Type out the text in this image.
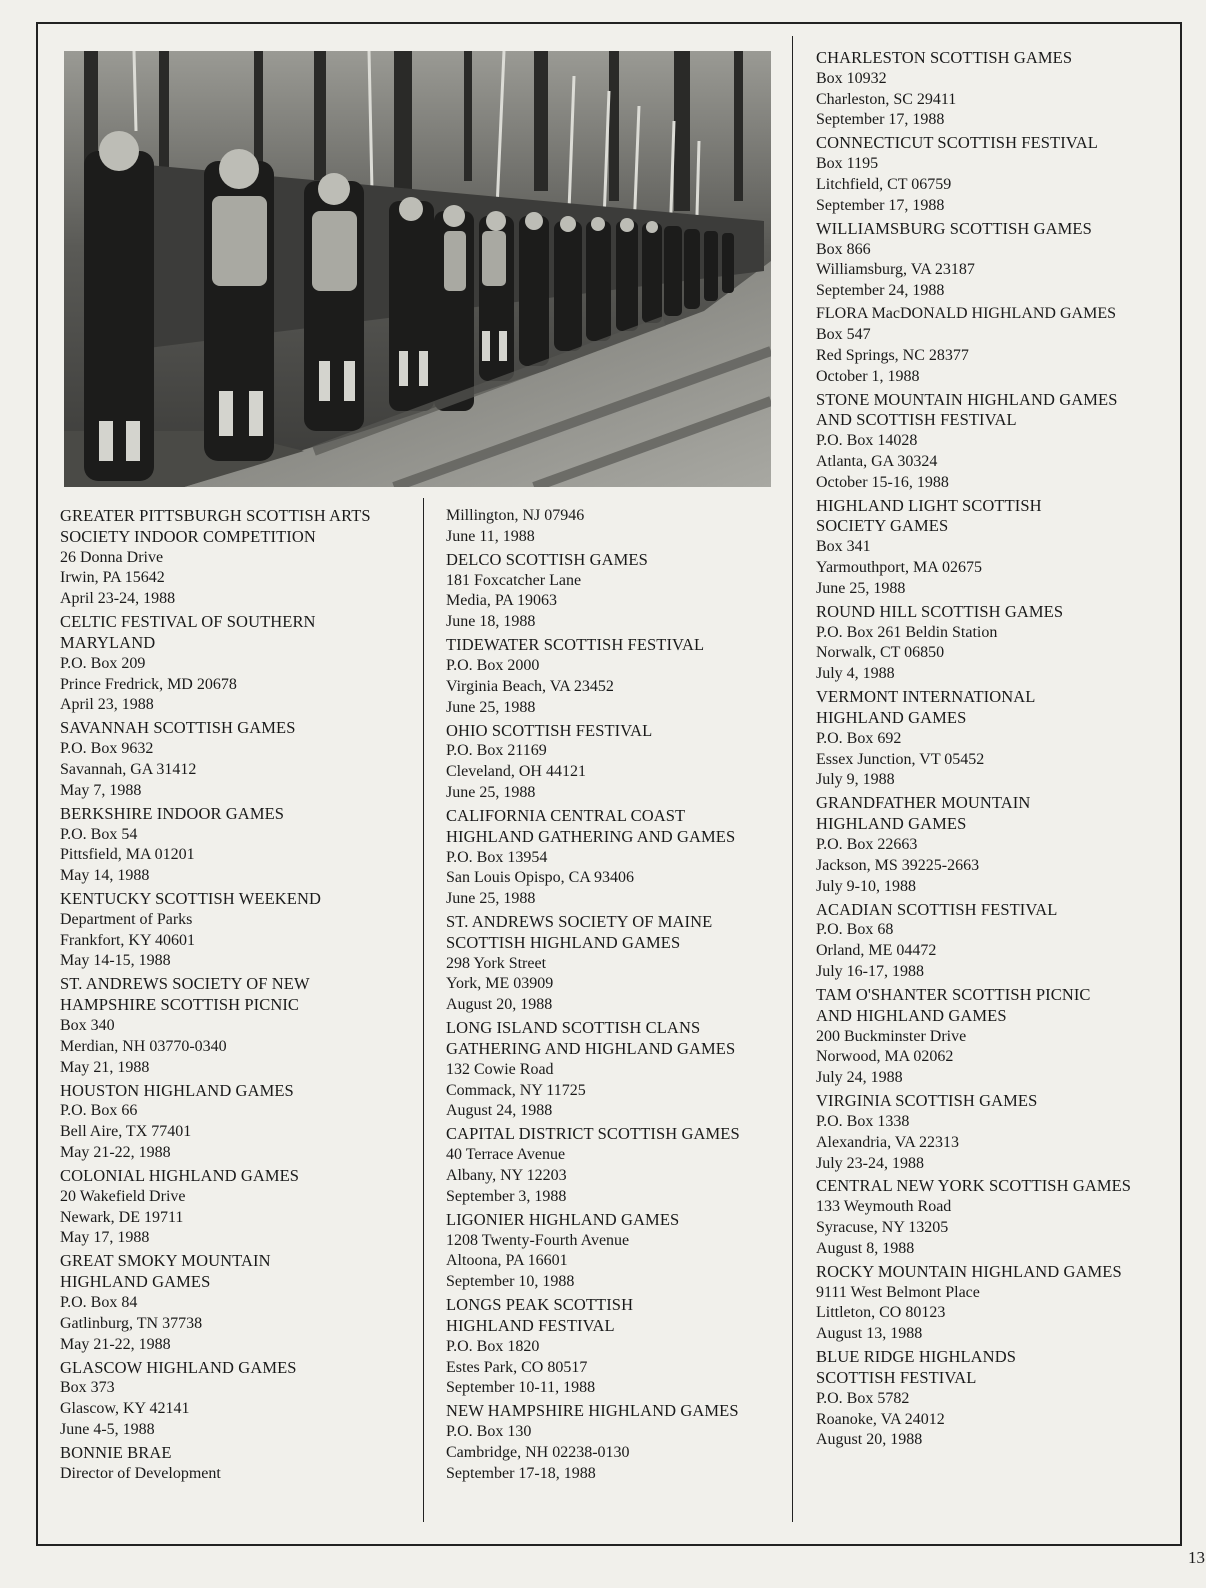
GREATER PITTSBURGH SCOTTISH ARTS
SOCIETY INDOOR COMPETITION
26 Donna Drive
Irwin, PA 15642
April 23-24, 1988
CELTIC FESTIVAL OF SOUTHERN
MARYLAND
P.O. Box 209
Prince Fredrick, MD 20678
April 23, 1988
SAVANNAH SCOTTISH GAMES
P.O. Box 9632
Savannah, GA 31412
May 7, 1988
BERKSHIRE INDOOR GAMES
P.O. Box 54
Pittsfield, MA 01201
May 14, 1988
KENTUCKY SCOTTISH WEEKEND
Department of Parks
Frankfort, KY 40601
May 14-15, 1988
ST. ANDREWS SOCIETY OF NEW
HAMPSHIRE SCOTTISH PICNIC
Box 340
Merdian, NH 03770-0340
May 21, 1988
HOUSTON HIGHLAND GAMES
P.O. Box 66
Bell Aire, TX 77401
May 21-22, 1988
COLONIAL HIGHLAND GAMES
20 Wakefield Drive
Newark, DE 19711
May 17, 1988
GREAT SMOKY MOUNTAIN
HIGHLAND GAMES
P.O. Box 84
Gatlinburg, TN 37738
May 21-22, 1988
GLASCOW HIGHLAND GAMES
Box 373
Glascow, KY 42141
June 4-5, 1988
BONNIE BRAE
Director of Development
Millington, NJ 07946
June 11, 1988
DELCO SCOTTISH GAMES
181 Foxcatcher Lane
Media, PA 19063
June 18, 1988
TIDEWATER SCOTTISH FESTIVAL
P.O. Box 2000
Virginia Beach, VA 23452
June 25, 1988
OHIO SCOTTISH FESTIVAL
P.O. Box 21169
Cleveland, OH 44121
June 25, 1988
CALIFORNIA CENTRAL COAST
HIGHLAND GATHERING AND GAMES
P.O. Box 13954
San Louis Opispo, CA 93406
June 25, 1988
ST. ANDREWS SOCIETY OF MAINE
SCOTTISH HIGHLAND GAMES
298 York Street
York, ME 03909
August 20, 1988
LONG ISLAND SCOTTISH CLANS
GATHERING AND HIGHLAND GAMES
132 Cowie Road
Commack, NY 11725
August 24, 1988
CAPITAL DISTRICT SCOTTISH GAMES
40 Terrace Avenue
Albany, NY 12203
September 3, 1988
LIGONIER HIGHLAND GAMES
1208 Twenty-Fourth Avenue
Altoona, PA 16601
September 10, 1988
LONGS PEAK SCOTTISH
HIGHLAND FESTIVAL
P.O. Box 1820
Estes Park, CO 80517
September 10-11, 1988
NEW HAMPSHIRE HIGHLAND GAMES
P.O. Box 130
Cambridge, NH 02238-0130
September 17-18, 1988
CHARLESTON SCOTTISH GAMES
Box 10932
Charleston, SC 29411
September 17, 1988
CONNECTICUT SCOTTISH FESTIVAL
Box 1195
Litchfield, CT 06759
September 17, 1988
WILLIAMSBURG SCOTTISH GAMES
Box 866
Williamsburg, VA 23187
September 24, 1988
FLORA MacDONALD HIGHLAND GAMES
Box 547
Red Springs, NC 28377
October 1, 1988
STONE MOUNTAIN HIGHLAND GAMES
AND SCOTTISH FESTIVAL
P.O. Box 14028
Atlanta, GA 30324
October 15-16, 1988
HIGHLAND LIGHT SCOTTISH
SOCIETY GAMES
Box 341
Yarmouthport, MA 02675
June 25, 1988
ROUND HILL SCOTTISH GAMES
P.O. Box 261 Beldin Station
Norwalk, CT 06850
July 4, 1988
VERMONT INTERNATIONAL
HIGHLAND GAMES
P.O. Box 692
Essex Junction, VT 05452
July 9, 1988
GRANDFATHER MOUNTAIN
HIGHLAND GAMES
P.O. Box 22663
Jackson, MS 39225-2663
July 9-10, 1988
ACADIAN SCOTTISH FESTIVAL
P.O. Box 68
Orland, ME 04472
July 16-17, 1988
TAM O'SHANTER SCOTTISH PICNIC
AND HIGHLAND GAMES
200 Buckminster Drive
Norwood, MA 02062
July 24, 1988
VIRGINIA SCOTTISH GAMES
P.O. Box 1338
Alexandria, VA 22313
July 23-24, 1988
CENTRAL NEW YORK SCOTTISH GAMES
133 Weymouth Road
Syracuse, NY 13205
August 8, 1988
ROCKY MOUNTAIN HIGHLAND GAMES
9111 West Belmont Place
Littleton, CO 80123
August 13, 1988
BLUE RIDGE HIGHLANDS
SCOTTISH FESTIVAL
P.O. Box 5782
Roanoke, VA 24012
August 20, 1988
13
